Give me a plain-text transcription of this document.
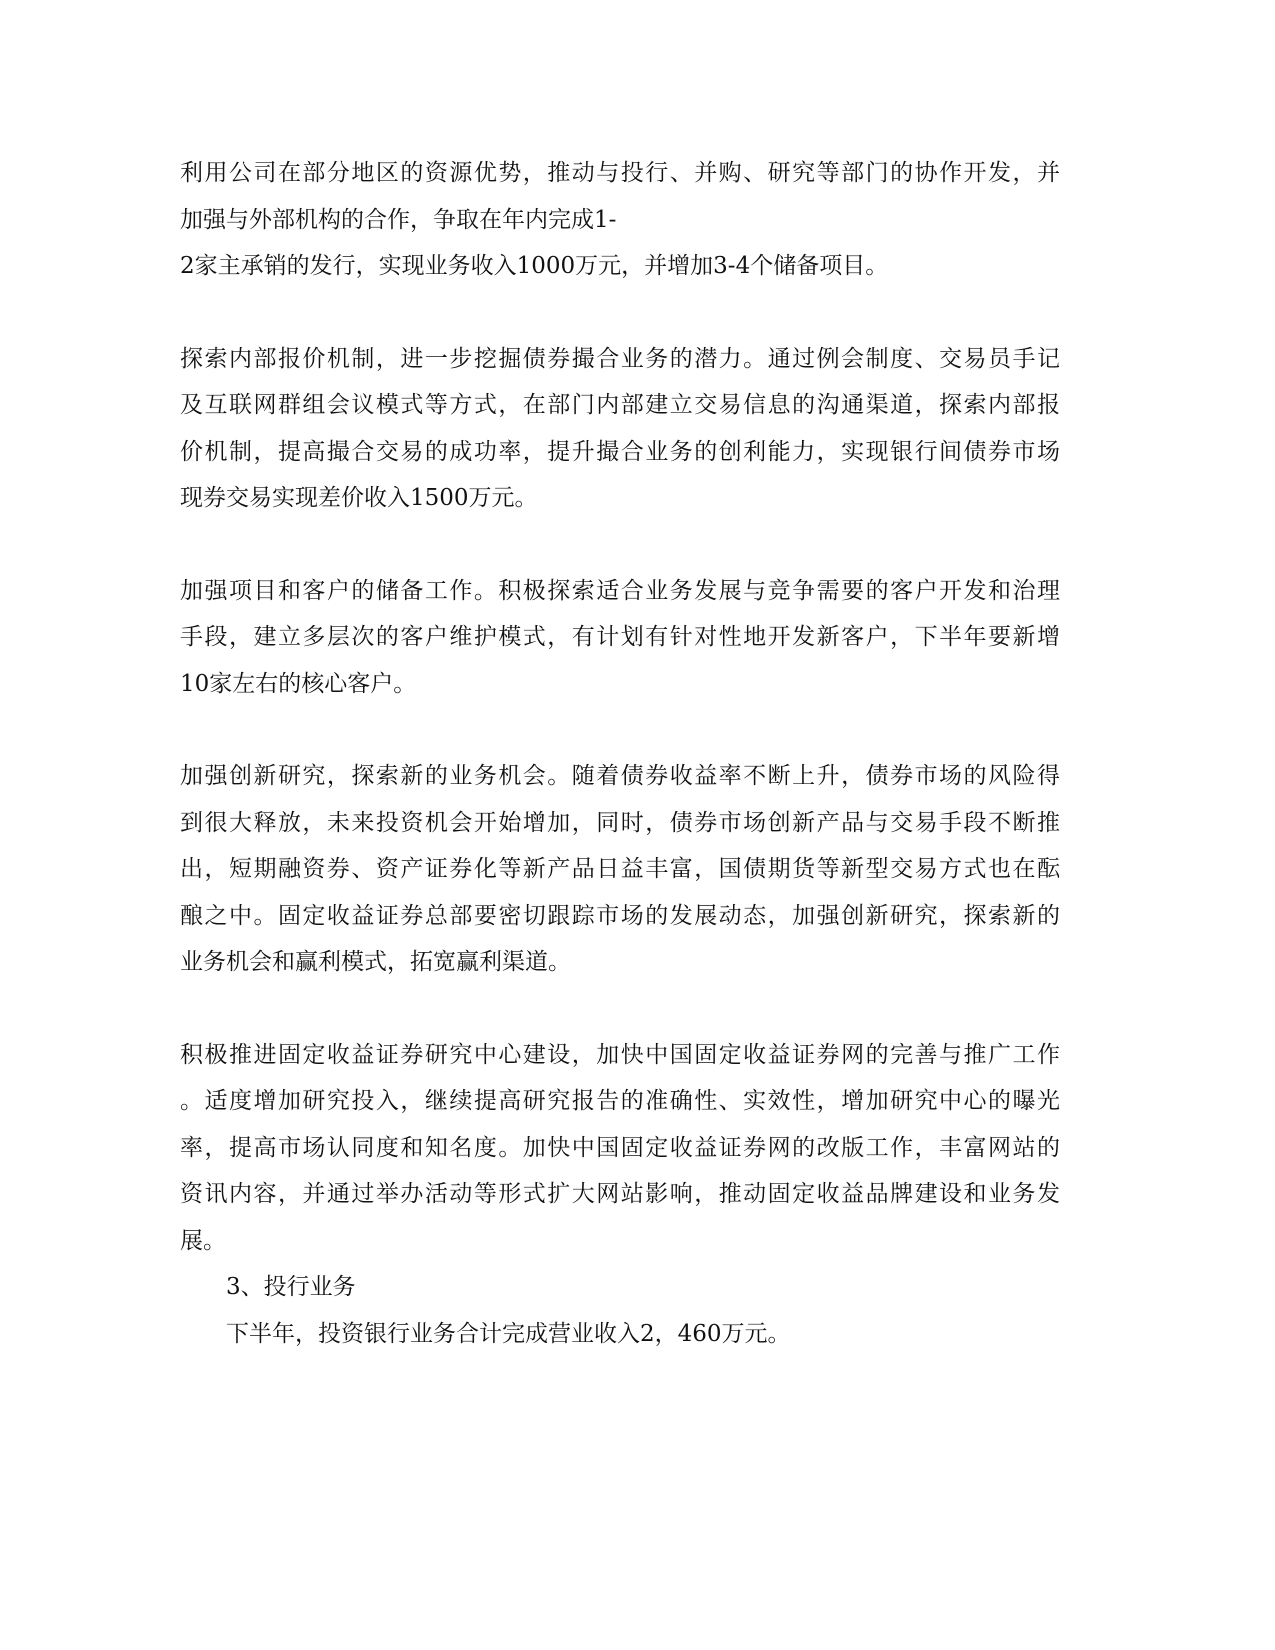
利用公司在部分地区的资源优势，推动与投行、并购、研究等部门的协作开发，并
加强与外部机构的合作，争取在年内完成1-
2家主承销的发行，实现业务收入1000万元，并增加3-4个储备项目。

探索内部报价机制，进一步挖掘债券撮合业务的潜力。通过例会制度、交易员手记
及互联网群组会议模式等方式，在部门内部建立交易信息的沟通渠道，探索内部报
价机制，提高撮合交易的成功率，提升撮合业务的创利能力，实现银行间债券市场
现券交易实现差价收入1500万元。

加强项目和客户的储备工作。积极探索适合业务发展与竞争需要的客户开发和治理
手段，建立多层次的客户维护模式，有计划有针对性地开发新客户，下半年要新增
10家左右的核心客户。

加强创新研究，探索新的业务机会。随着债券收益率不断上升，债券市场的风险得
到很大释放，未来投资机会开始增加，同时，债券市场创新产品与交易手段不断推
出，短期融资券、资产证券化等新产品日益丰富，国债期货等新型交易方式也在酝
酿之中。固定收益证券总部要密切跟踪市场的发展动态，加强创新研究，探索新的
业务机会和赢利模式，拓宽赢利渠道。

积极推进固定收益证券研究中心建设，加快中国固定收益证券网的完善与推广工作
。适度增加研究投入，继续提高研究报告的准确性、实效性，增加研究中心的曝光
率，提高市场认同度和知名度。加快中国固定收益证券网的改版工作，丰富网站的
资讯内容，并通过举办活动等形式扩大网站影响，推动固定收益品牌建设和业务发
展。

3、投行业务
下半年，投资银行业务合计完成营业收入2，460万元。
